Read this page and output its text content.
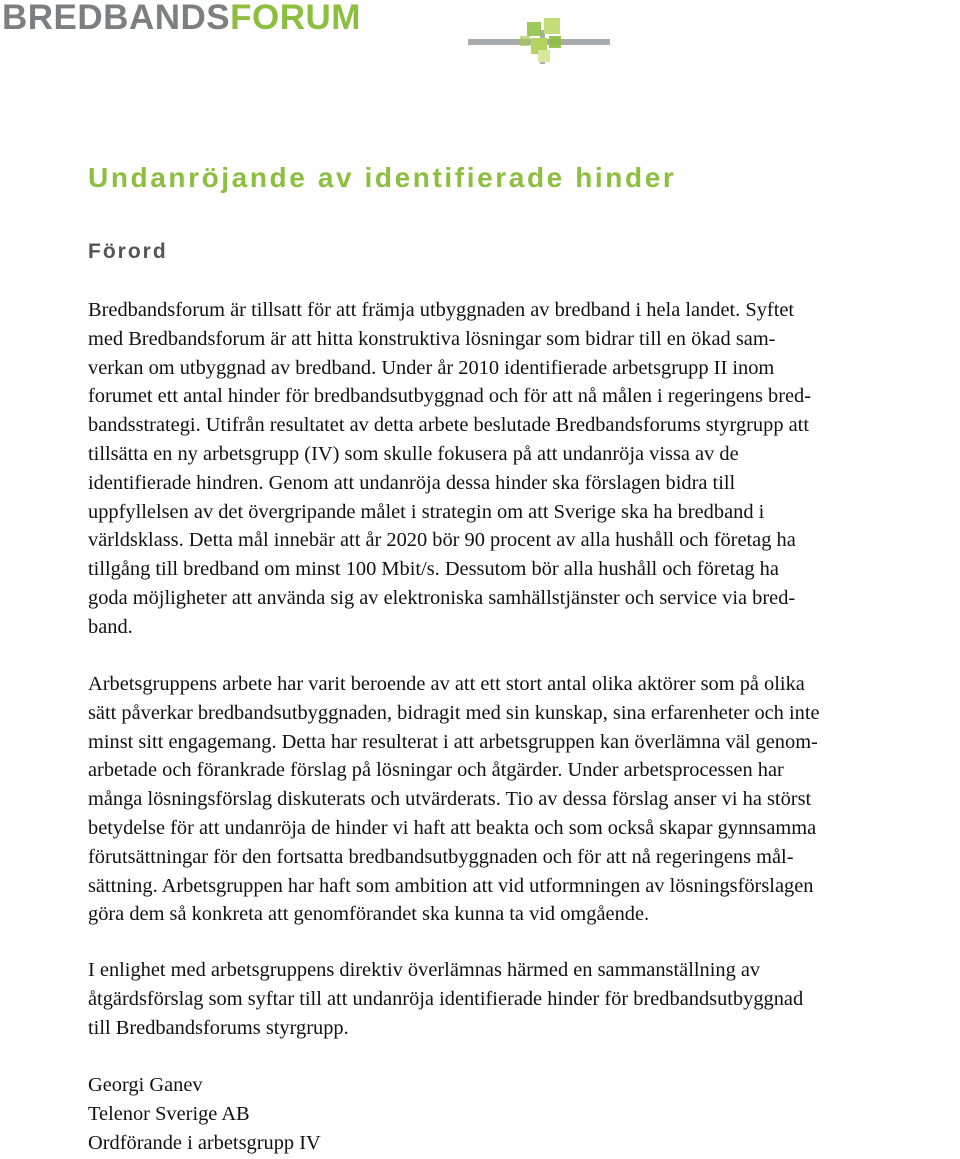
BREDBANDSFORUM
Undanröjande av identifierade hinder
Förord

Bredbandsforum är tillsatt för att främja utbyggnaden av bredband i hela landet. Syftet
med Bredbandsforum är att hitta konstruktiva lösningar som bidrar till en ökad sam-
verkan om utbyggnad av bredband. Under år 2010 identifierade arbetsgrupp II inom
forumet ett antal hinder för bredbandsutbyggnad och för att nå målen i regeringens bred-
bandsstrategi. Utifrån resultatet av detta arbete beslutade Bredbandsforums styrgrupp att
tillsätta en ny arbetsgrupp (IV) som skulle fokusera på att undanröja vissa av de
identifierade hindren. Genom att undanröja dessa hinder ska förslagen bidra till
uppfyllelsen av det övergripande målet i strategin om att Sverige ska ha bredband i
världsklass. Detta mål innebär att år 2020 bör 90 procent av alla hushåll och företag ha
tillgång till bredband om minst 100 Mbit/s. Dessutom bör alla hushåll och företag ha
goda möjligheter att använda sig av elektroniska samhällstjänster och service via bred-
band.

Arbetsgruppens arbete har varit beroende av att ett stort antal olika aktörer som på olika
sätt påverkar bredbandsutbyggnaden, bidragit med sin kunskap, sina erfarenheter och inte
minst sitt engagemang. Detta har resulterat i att arbetsgruppen kan överlämna väl genom-
arbetade och förankrade förslag på lösningar och åtgärder. Under arbetsprocessen har
många lösningsförslag diskuterats och utvärderats. Tio av dessa förslag anser vi ha störst
betydelse för att undanröja de hinder vi haft att beakta och som också skapar gynnsamma
förutsättningar för den fortsatta bredbandsutbyggnaden och för att nå regeringens mål-
sättning. Arbetsgruppen har haft som ambition att vid utformningen av lösningsförslagen
göra dem så konkreta att genomförandet ska kunna ta vid omgående.

I enlighet med arbetsgruppens direktiv överlämnas härmed en sammanställning av
åtgärdsförslag som syftar till att undanröja identifierade hinder för bredbandsutbyggnad
till Bredbandsforums styrgrupp.

Georgi Ganev
Telenor Sverige AB
Ordförande i arbetsgrupp IV
